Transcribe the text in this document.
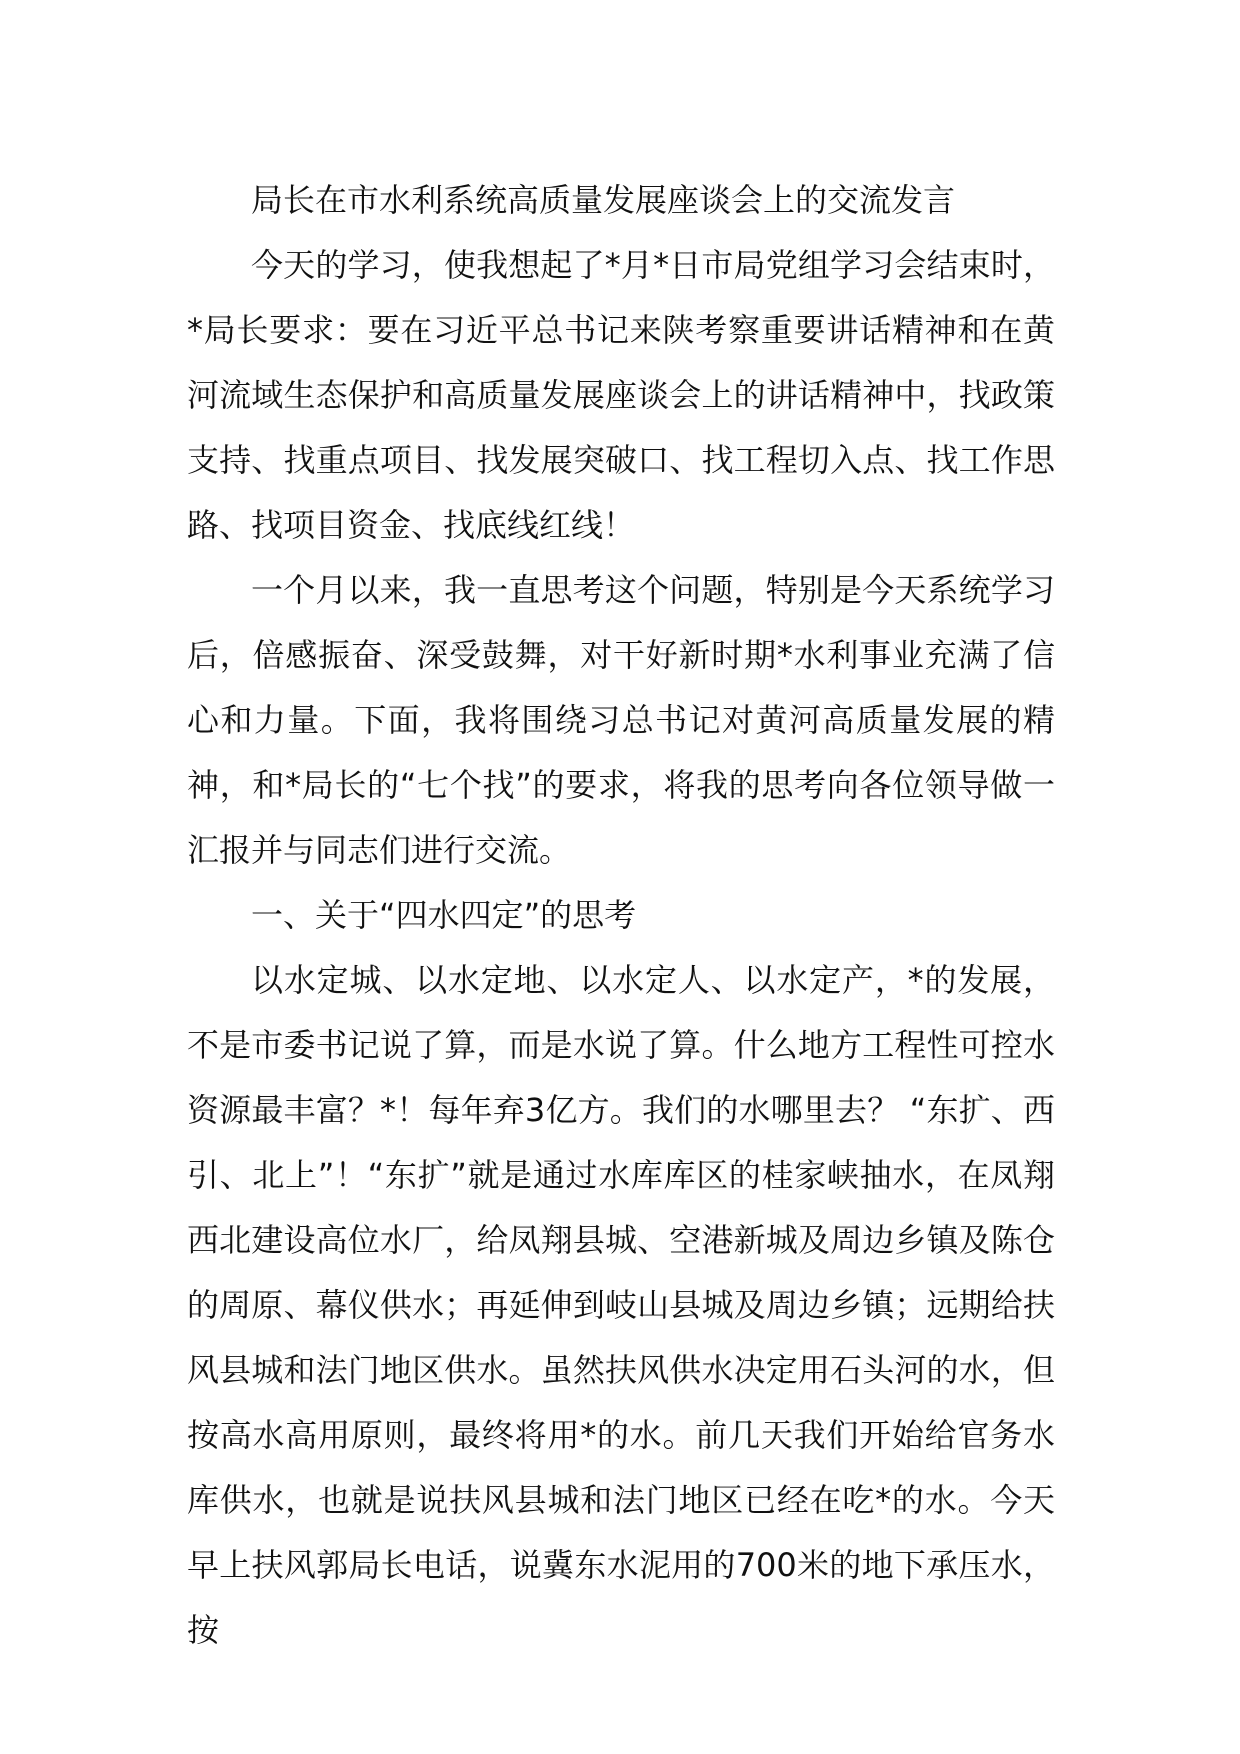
局长在市水利系统高质量发展座谈会上的交流发言

今天的学习，使我想起了*月*日市局党组学习会结束时，*局长要求：要在习近平总书记来陕考察重要讲话精神和在黄河流域生态保护和高质量发展座谈会上的讲话精神中，找政策支持、找重点项目、找发展突破口、找工程切入点、找工作思路、找项目资金、找底线红线！

一个月以来，我一直思考这个问题，特别是今天系统学习后，倍感振奋、深受鼓舞，对干好新时期*水利事业充满了信心和力量。下面，我将围绕习总书记对黄河高质量发展的精神，和*局长的“七个找”的要求，将我的思考向各位领导做一汇报并与同志们进行交流。

一、关于“四水四定”的思考

以水定城、以水定地、以水定人、以水定产，*的发展，不是市委书记说了算，而是水说了算。什么地方工程性可控水资源最丰富？*！每年弃3亿方。我们的水哪里去？ “东扩、西引、北上”！“东扩”就是通过水库库区的桂家峡抽水，在凤翔西北建设高位水厂，给凤翔县城、空港新城及周边乡镇及陈仓的周原、幕仪供水；再延伸到岐山县城及周边乡镇；远期给扶风县城和法门地区供水。虽然扶风供水决定用石头河的水，但按高水高用原则，最终将用*的水。前几天我们开始给官务水库供水，也就是说扶风县城和法门地区已经在吃*的水。今天早上扶风郭局长电话，说冀东水泥用的700米的地下承压水，按
